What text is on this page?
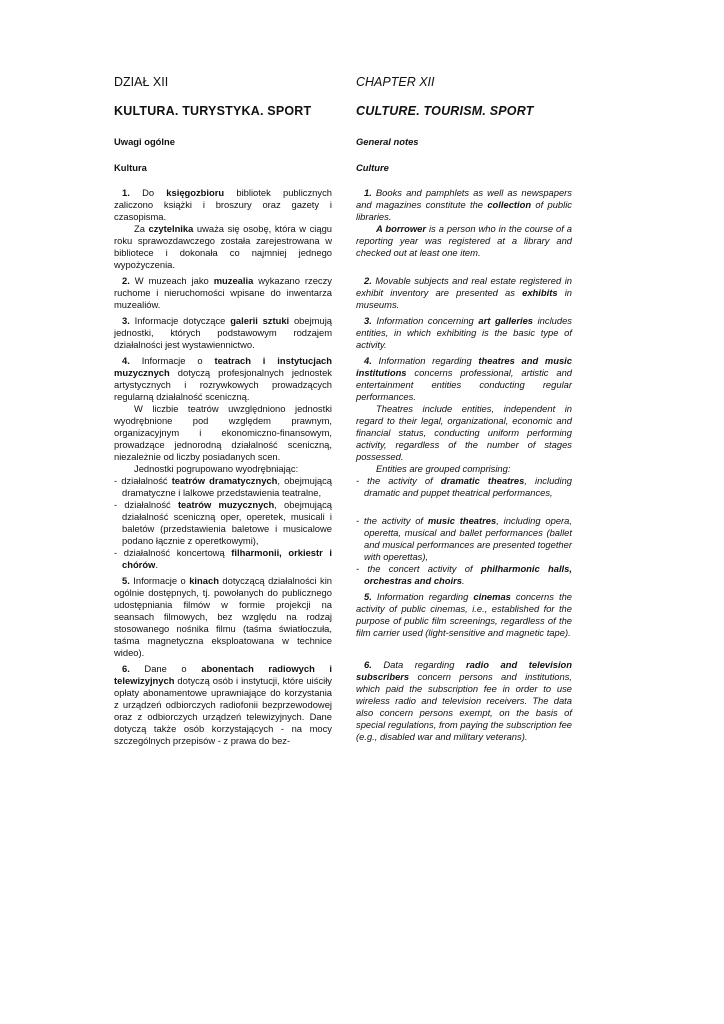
DZIAŁ XII
KULTURA. TURYSTYKA. SPORT
Uwagi ogólne
Kultura

1. Do księgozbioru bibliotek publicznych zaliczono książki i broszury oraz gazety i czasopisma.

Za czytelnika uważa się osobę, która w ciągu roku sprawozdawczego została zarejestrowana w bibliotece i dokonała co najmniej jednego wypożyczenia.

2. W muzeach jako muzealia wykazano rzeczy ruchome i nieruchomości wpisane do inwentarza muzealiów.

3. Informacje dotyczące galerii sztuki obejmują jednostki, których podstawowym rodzajem działalności jest wystawiennictwo.

4. Informacje o teatrach i instytucjach muzycznych dotyczą profesjonalnych jednostek artystycznych i rozrywkowych prowadzących regularną działalność sceniczną.

W liczbie teatrów uwzględniono jednostki wyodrębnione pod względem prawnym, organizacyjnym i ekonomiczno-finansowym, prowadzące jednorodną działalność sceniczną, niezależnie od liczby posiadanych scen.

Jednostki pogrupowano wyodrębniając:

- działalność teatrów dramatycznych, obejmującą dramatyczne i lalkowe przedstawienia teatralne,

- działalność teatrów muzycznych, obejmującą działalność sceniczną oper, operetek, musicali i baletów (przedstawienia baletowe i musicalowe podano łącznie z operetkowymi),

- działalność koncertową filharmonii, orkiestr i chórów.

5. Informacje o kinach dotyczącą działalności kin ogólnie dostępnych, tj. powołanych do publicznego udostępniania filmów w formie projekcji na seansach filmowych, bez względu na rodzaj stosowanego nośnika filmu (taśma światłoczuła, taśma magnetyczna eksploatowana w technice wideo).

6. Dane o abonentach radiowych i telewizyjnych dotyczą osób i instytucji, które uiściły opłaty abonamentowe uprawniające do korzystania z urządzeń odbiorczych radiofonii bezprzewodowej oraz z odbiorczych urządzeń telewizyjnych. Dane dotyczą także osób korzystających - na mocy szczególnych przepisów - z prawa do bez-

CHAPTER XII
CULTURE. TOURISM. SPORT
General notes
Culture

1. Books and pamphlets as well as newspapers and magazines constitute the collection of public libraries.

A borrower is a person who in the course of a reporting year was registered at a library and checked out at least one item.

2. Movable subjects and real estate registered in exhibit inventory are presented as exhibits in museums.

3. Information concerning art galleries includes entities, in which exhibiting is the basic type of activity.

4. Information regarding theatres and music institutions concerns professional, artistic and entertainment entities conducting regular performances.

Theatres include entities, independent in regard to their legal, organizational, economic and financial status, conducting uniform performing activity, regardless of the number of stages possessed.

Entities are grouped comprising:

- the activity of dramatic theatres, including dramatic and puppet theatrical performances,

- the activity of music theatres, including opera, operetta, musical and ballet performances (ballet and musical performances are presented together with operettas),

- the concert activity of philharmonic halls, orchestras and choirs.

5. Information regarding cinemas concerns the activity of public cinemas, i.e., established for the purpose of public film screenings, regardless of the film carrier used (light-sensitive and magnetic tape).

6. Data regarding radio and television subscribers concern persons and institutions, which paid the subscription fee in order to use wireless radio and television receivers. The data also concern persons exempt, on the basis of special regulations, from paying the subscription fee (e.g., disabled war and military veterans).
